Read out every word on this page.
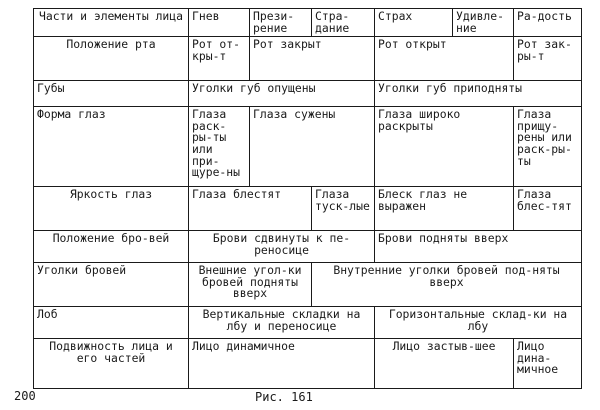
Части и элементы лица	Гнев	Прези-рение	Стра-дание	Страх	Удивле-ние	Ра-дость
Положение рта	Рот от-кры-т	Рот закрыт		Рот открыт		Рот зак-ры-т
Губы	Уголки губ опущены			Уголки губ приподняты		
Форма глаз	Глаза раск-ры-ты или при-щуре-ны	Глаза сужены		Глаза широко раскрыты		Глаза прищу-рены или раск-ры-ты
Яркость глаз	Глаза блестят		Глаза туск-лые	Блеск глаз не выражен		Глаза блес-тят
Положение бро-вей	Брови сдвинуты к пе-реносице			Брови подняты вверх		
Уголки бровей	Внешние угол-ки бровей подняты вверх		Внутренние уголки бровей под-няты вверх			
Лоб	Вертикальные складки на лбу и переносице			Горизонтальные склад-ки на лбу		
Подвижность лица и его частей	Лицо динамичное			Лицо застыв-шее		Лицо дина-мичное
200	Рис. 161
